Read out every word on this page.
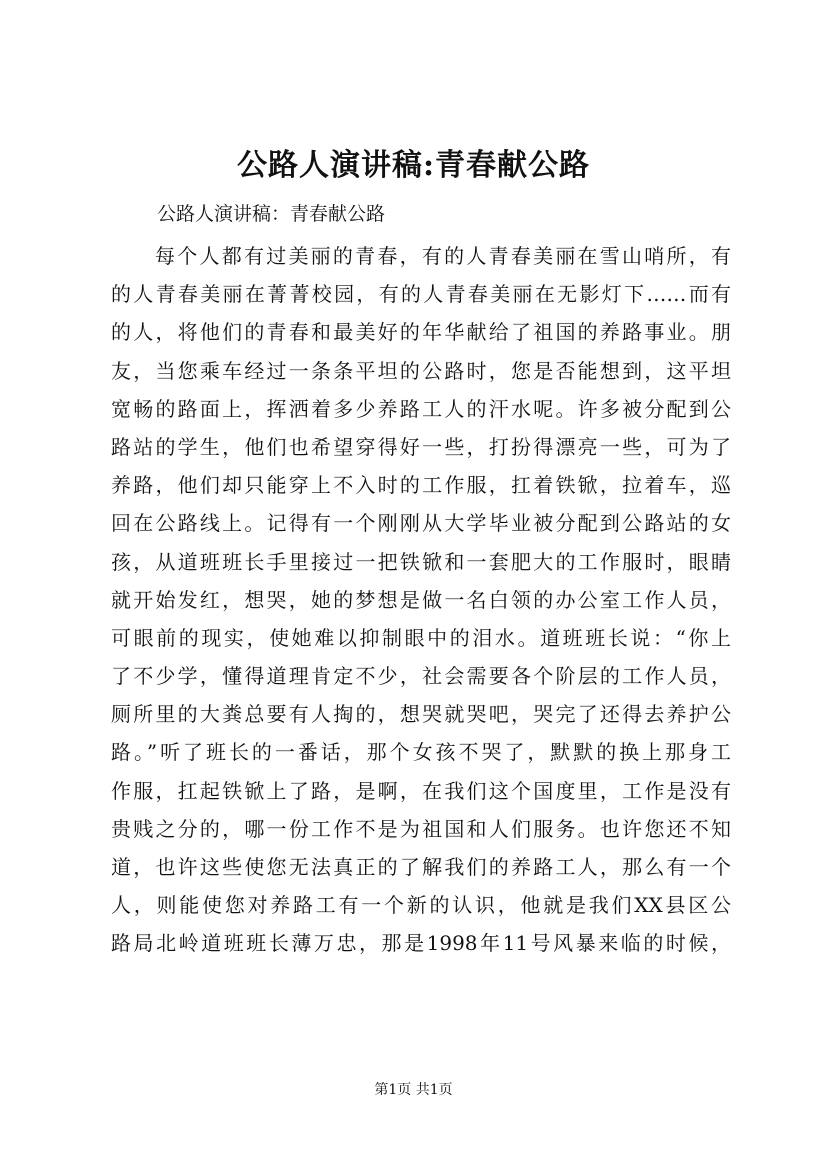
公路人演讲稿:青春献公路
公路人演讲稿：青春献公路
每个人都有过美丽的青春，有的人青春美丽在雪山哨所，有
的人青春美丽在菁菁校园，有的人青春美丽在无影灯下……而有
的人，将他们的青春和最美好的年华献给了祖国的养路事业。朋
友，当您乘车经过一条条平坦的公路时，您是否能想到，这平坦
宽畅的路面上，挥洒着多少养路工人的汗水呢。许多被分配到公
路站的学生，他们也希望穿得好一些，打扮得漂亮一些，可为了
养路，他们却只能穿上不入时的工作服，扛着铁锨，拉着车，巡
回在公路线上。记得有一个刚刚从大学毕业被分配到公路站的女
孩，从道班班长手里接过一把铁锨和一套肥大的工作服时，眼睛
就开始发红，想哭，她的梦想是做一名白领的办公室工作人员，
可眼前的现实，使她难以抑制眼中的泪水。道班班长说：“你上
了不少学，懂得道理肯定不少，社会需要各个阶层的工作人员，
厕所里的大粪总要有人掏的，想哭就哭吧，哭完了还得去养护公
路。”听了班长的一番话，那个女孩不哭了，默默的换上那身工
作服，扛起铁锨上了路，是啊，在我们这个国度里，工作是没有
贵贱之分的，哪一份工作不是为祖国和人们服务。也许您还不知
道，也许这些使您无法真正的了解我们的养路工人，那么有一个
人，则能使您对养路工有一个新的认识，他就是我们XX县区公
路局北岭道班班长薄万忠，那是1998年11号风暴来临的时候，
第1页 共1页
